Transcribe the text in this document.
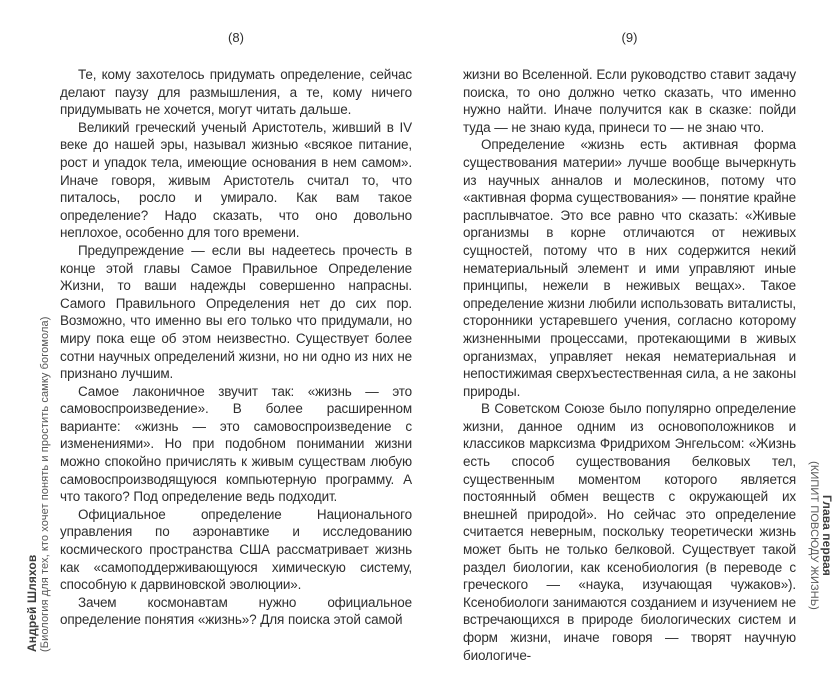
(8)	(9)

Те, кому захотелось придумать определение, сейчас делают паузу для размышления, а те, кому ничего придумывать не хочется, могут читать дальше.

Великий греческий ученый Аристотель, живший в IV веке до нашей эры, называл жизнью «всякое питание, рост и упадок тела, имеющие основания в нем самом». Иначе говоря, живым Аристотель считал то, что питалось, росло и умирало. Как вам такое определение? Надо сказать, что оно довольно неплохое, особенно для того времени.

Предупреждение — если вы надеетесь прочесть в конце этой главы Самое Правильное Определение Жизни, то ваши надежды совершенно напрасны. Самого Правильного Определения нет до сих пор. Возможно, что именно вы его только что придумали, но миру пока еще об этом неизвестно. Существует более сотни научных определений жизни, но ни одно из них не признано лучшим.

Самое лаконичное звучит так: «жизнь — это самовоспроизведение». В более расширенном варианте: «жизнь — это самовоспроизведение с изменениями». Но при подобном понимании жизни можно спокойно причислять к живым существам любую самовоспроизводящуюся компьютерную программу. А что такого? Под определение ведь подходит.

Официальное определение Национального управления по аэронавтике и исследованию космического пространства США рассматривает жизнь как «самоподдерживающуюся химическую систему, способную к дарвиновской эволюции».

Зачем космонавтам нужно официальное определение понятия «жизнь»? Для поиска этой самой

жизни во Вселенной. Если руководство ставит задачу поиска, то оно должно четко сказать, что именно нужно найти. Иначе получится как в сказке: пойди туда — не знаю куда, принеси то — не знаю что.

Определение «жизнь есть активная форма существования материи» лучше вообще вычеркнуть из научных анналов и молескинов, потому что «активная форма существования» — понятие крайне расплывчатое. Это все равно что сказать: «Живые организмы в корне отличаются от неживых сущностей, потому что в них содержится некий нематериальный элемент и ими управляют иные принципы, нежели в неживых вещах». Такое определение жизни любили использовать виталисты, сторонники устаревшего учения, согласно которому жизненными процессами, протекающими в живых организмах, управляет некая нематериальная и непостижимая сверхъестественная сила, а не законы природы.

В Советском Союзе было популярно определение жизни, данное одним из основоположников и классиков марксизма Фридрихом Энгельсом: «Жизнь есть способ существования белковых тел, существенным моментом которого является постоянный обмен веществ с окружающей их внешней природой». Но сейчас это определение считается неверным, поскольку теоретически жизнь может быть не только белковой. Существует такой раздел биологии, как ксенобиология (в переводе с греческого — «наука, изучающая чужаков»). Ксенобиологи занимаются созданием и изучением не встречающихся в природе биологических систем и форм жизни, иначе говоря — творят научную биологиче-

Андрей Шляхов (Биология для тех, кто хочет понять и простить самку богомола)	Глава первая
(КИПИТ ПОВСЮДУ ЖИЗНЬ)
